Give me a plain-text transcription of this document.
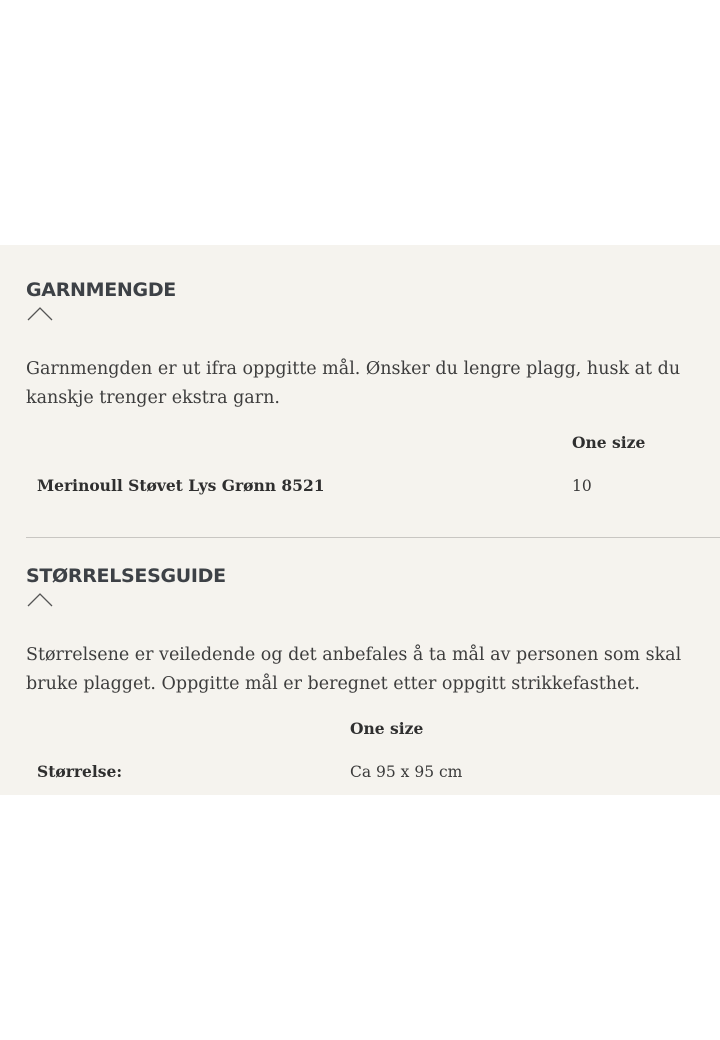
GARNMENGDE

Garnmengden er ut ifra oppgitte mål. Ønsker du lengre plagg, husk at du kanskje trenger ekstra garn.

One size
Merinoull Støvet Lys Grønn 8521	10
STØRRELSESGUIDE

Størrelsene er veiledende og det anbefales å ta mål av personen som skal bruke plagget. Oppgitte mål er beregnet etter oppgitt strikkefasthet.

One size
Størrelse:	Ca 95 x 95 cm
